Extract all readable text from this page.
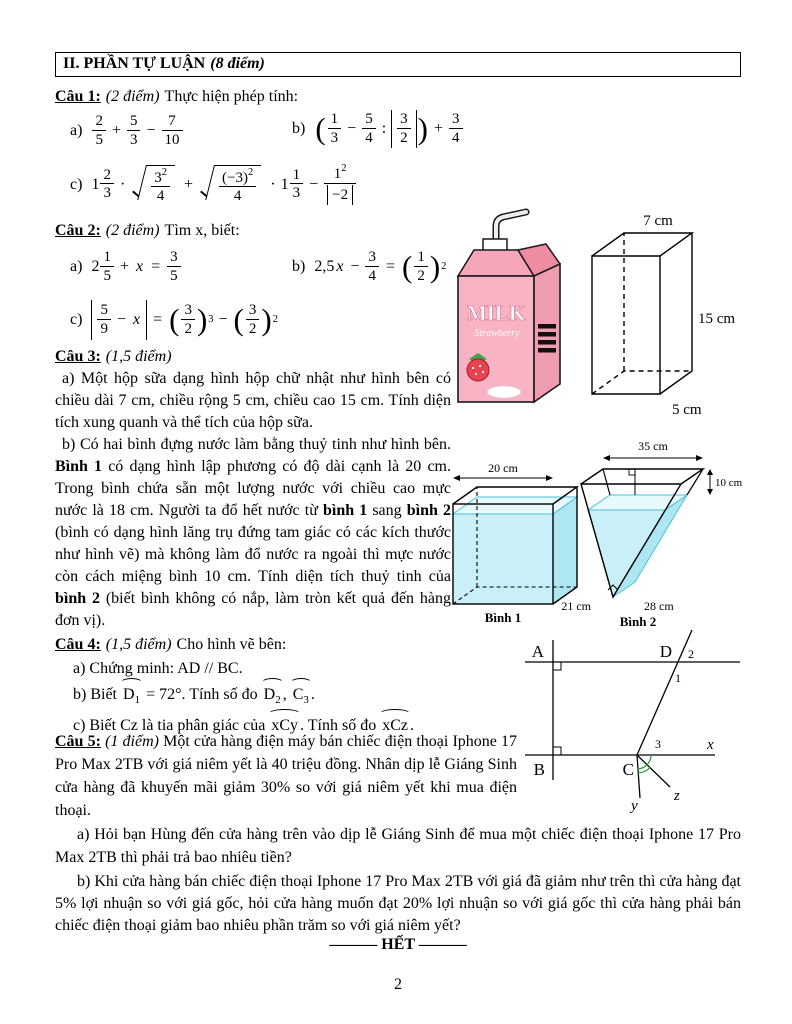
II. PHẦN TỰ LUẬN (8 điểm)
Câu 1: (2 điểm) Thực hiện phép tính:
$a) \frac{2}{5} + \frac{5}{3} - \frac{7}{10}$	b) ( $\frac{1}{3} - \frac{5}{4}$ : $\frac{3}{2}$ ) + $\frac{3}{4}$
c) $1 \frac{2}{3} \cdot \frac{3^2}{4} + \frac{(-3)^2}{4} \cdot 1 \frac{1}{3} - \frac{1^2}{-2}$
Câu 2: (2 điểm) Tìm x, biết:
a) $2 \frac{1}{5} + x = \frac{3}{5}$	b) 2,5 $x - \frac{3}{4}$ = ( $\frac{1}{2} )^2$
$c) \frac{5}{9} - x$ = ( $\frac{3}{2} )^3$ − ( $\frac{3}{2} )^2$
Câu 3: (1,5 điểm)

a) Một hộp sữa dạng hình hộp chữ nhật như hình bên có chiều dài 7 cm, chiều rộng 5 cm, chiều cao 15 cm. Tính diện tích xung quanh và thể tích của hộp sữa.

b) Có hai bình đựng nước làm bằng thuỷ tinh như hình bên. Bình 1 có dạng hình lập phương có độ dài cạnh là 20 cm. Trong bình chứa sẵn một lượng nước với chiều cao mực nước là 18 cm. Người ta đổ hết nước từ bình 1 sang bình 2 (bình có dạng hình lăng trụ đứng tam giác có các kích thước như hình vẽ) mà không làm đổ nước ra ngoài thì mực nước còn cách miệng bình 10 cm. Tính diện tích thuỷ tinh của bình 2 (biết bình không có nắp, làm tròn kết quả đến hàng đơn vị).

Câu 4: (1,5 điểm) Cho hình vẽ bên:
a) Chứng minh: AD // BC.
b) Biết $D_1 = 72^\circ$. Tính số đo $D_2$ , $C_3$ .
c) Biết Cz là tia phân giác của xCy . Tính số đo xCz .
Câu 5: (1 điểm) Một cửa hàng điện máy bán chiếc điện thoại Iphone 17 Pro Max 2TB với giá niêm yết là 40 triệu đồng. Nhân dịp lễ Giáng Sinh cửa hàng đã khuyến mãi giảm 30% so với giá niêm yết khi mua điện thoại.
a) Hỏi bạn Hùng đến cửa hàng trên vào dịp lễ Giáng Sinh để mua một chiếc điện thoại Iphone 17 Pro Max 2TB thì phải trả bao nhiêu tiền?
b) Khi cửa hàng bán chiếc điện thoại Iphone 17 Pro Max 2TB với giá đã giảm như trên thì cửa hàng đạt 5% lợi nhuận so với giá gốc, hỏi cửa hàng muốn đạt 20% lợi nhuận so với giá gốc thì cửa hàng phải bán chiếc điện thoại giảm bao nhiêu phần trăm so với giá niêm yết?
–––––– HẾT ––––––
2
MILK
Strawberry
7 cm
15 cm
5 cm
20 cm
Bình 1
35 cm
10 cm
21 cm	28 cm
Bình 2
A	D
B	C
2
1
3	x
y
z
